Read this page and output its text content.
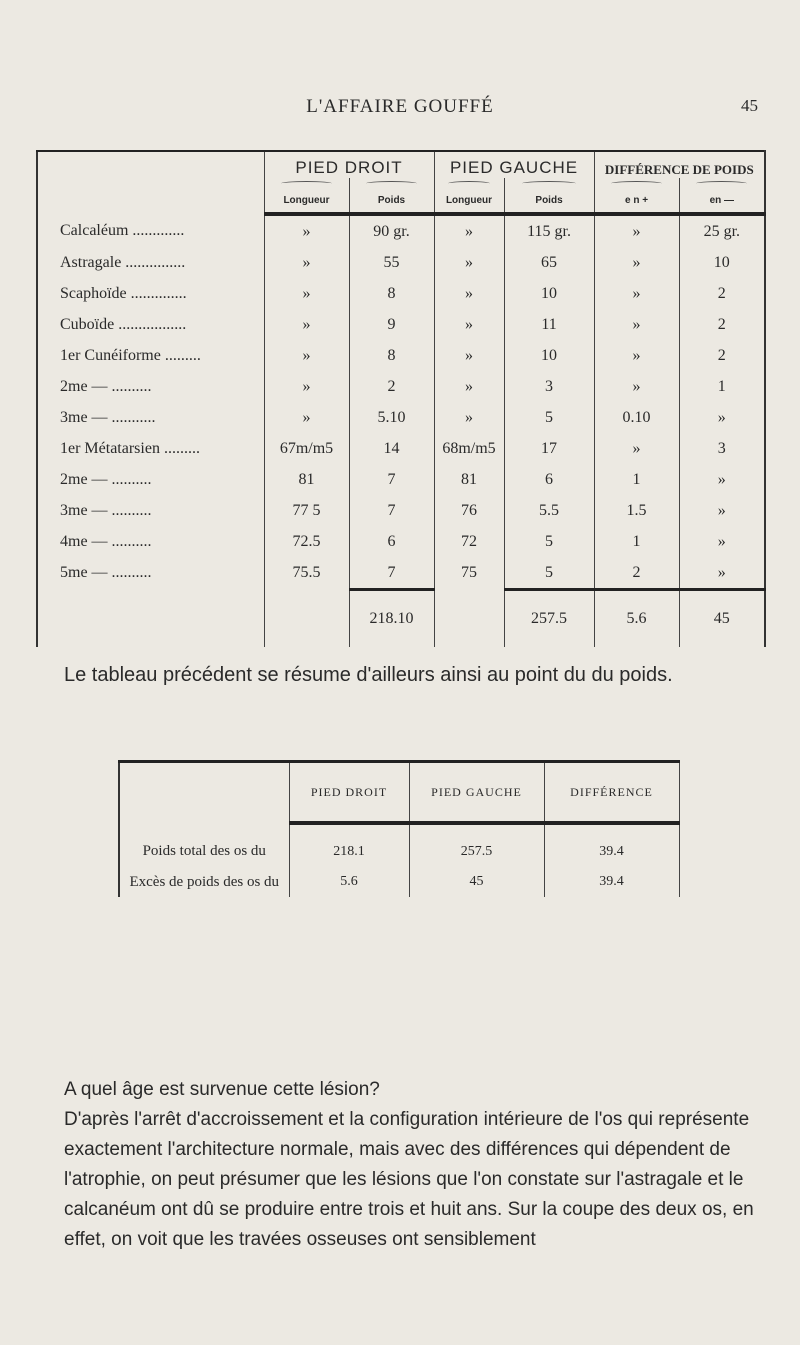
L'AFFAIRE GOUFFÉ	45
	PIED DROIT		PIED GAUCHE		DIFFÉRENCE DE POIDS	

	Longueur	Poids	Longueur	Poids	e n +	en —
Calcaléum .............	»	90 gr.	»	115 gr.	»	25 gr.
Astragale ...............	»	55	»	65	»	10
Scaphoïde ..............	»	8	»	10	»	2
Cuboïde .................	»	9	»	11	»	2
1er Cunéiforme .........	»	8	»	10	»	2
2me — ..........	»	2	»	3	»	1
3me — ...........	»	5.10	»	5	0.10	»
1er Métatarsien .........	67m/m5	14	68m/m5	17	»	3
2me — ..........	81	7	81	6	1	»
3me — ..........	77 5	7	76	5.5	1.5	»
4me — ..........	72.5	6	72	5	1	»
5me — ..........	75.5	7	75	5	2	»
		218.10		257.5	5.6	45
Le tableau précédent se résume d'ailleurs ainsi au point du du poids.
	PIED DROIT	PIED GAUCHE	DIFFÉRENCE
Poids total des os du	218.1	257.5	39.4
Excès de poids des os du	5.6	45	39.4

A quel âge est survenue cette lésion?

D'après l'arrêt d'accroissement et la configuration intérieure de l'os qui représente exactement l'architecture normale, mais avec des différences qui dépendent de l'atrophie, on peut présumer que les lésions que l'on constate sur l'astragale et le calcanéum ont dû se produire entre trois et huit ans. Sur la coupe des deux os, en effet, on voit que les travées osseuses ont sensiblement
